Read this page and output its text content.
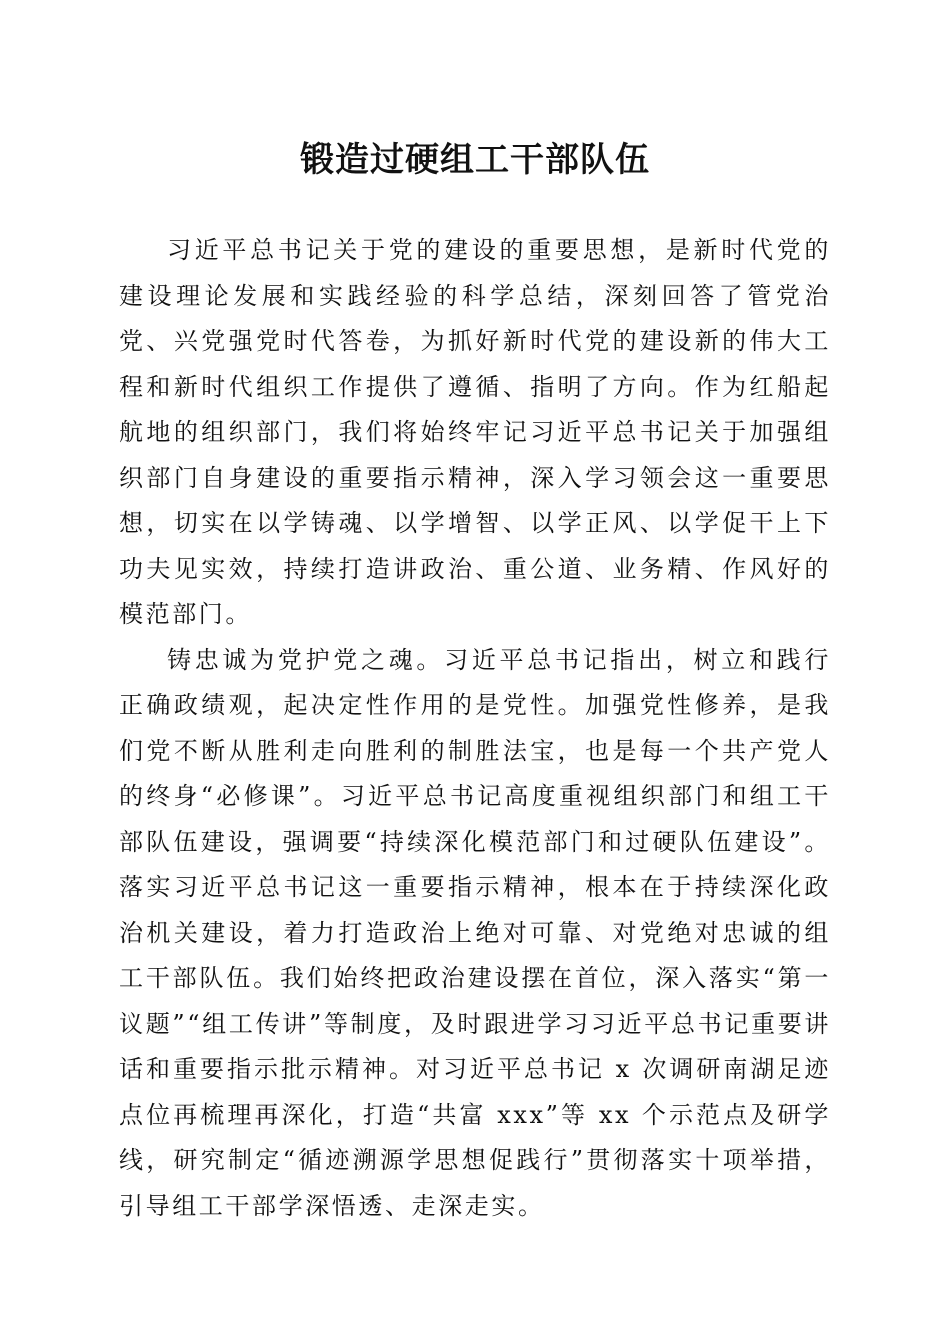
锻造过硬组工干部队伍

习近平总书记关于党的建设的重要思想，是新时代党的建设理论发展和实践经验的科学总结，深刻回答了管党治党、兴党强党时代答卷，为抓好新时代党的建设新的伟大工程和新时代组织工作提供了遵循、指明了方向。作为红船起航地的组织部门，我们将始终牢记习近平总书记关于加强组织部门自身建设的重要指示精神，深入学习领会这一重要思想，切实在以学铸魂、以学增智、以学正风、以学促干上下功夫见实效，持续打造讲政治、重公道、业务精、作风好的模范部门。

铸忠诚为党护党之魂。习近平总书记指出，树立和践行正确政绩观，起决定性作用的是党性。加强党性修养，是我们党不断从胜利走向胜利的制胜法宝，也是每一个共产党人的终身“必修课”。习近平总书记高度重视组织部门和组工干部队伍建设，强调要“持续深化模范部门和过硬队伍建设”。落实习近平总书记这一重要指示精神，根本在于持续深化政治机关建设，着力打造政治上绝对可靠、对党绝对忠诚的组工干部队伍。我们始终把政治建设摆在首位，深入落实“第一议题”“组工传讲”等制度，及时跟进学习习近平总书记重要讲话和重要指示批示精神。对习近平总书记 x 次调研南湖足迹点位再梳理再深化，打造“共富 xxx”等 xx 个示范点及研学线，研究制定“循迹溯源学思想促践行”贯彻落实十项举措，引导组工干部学深悟透、走深走实。
